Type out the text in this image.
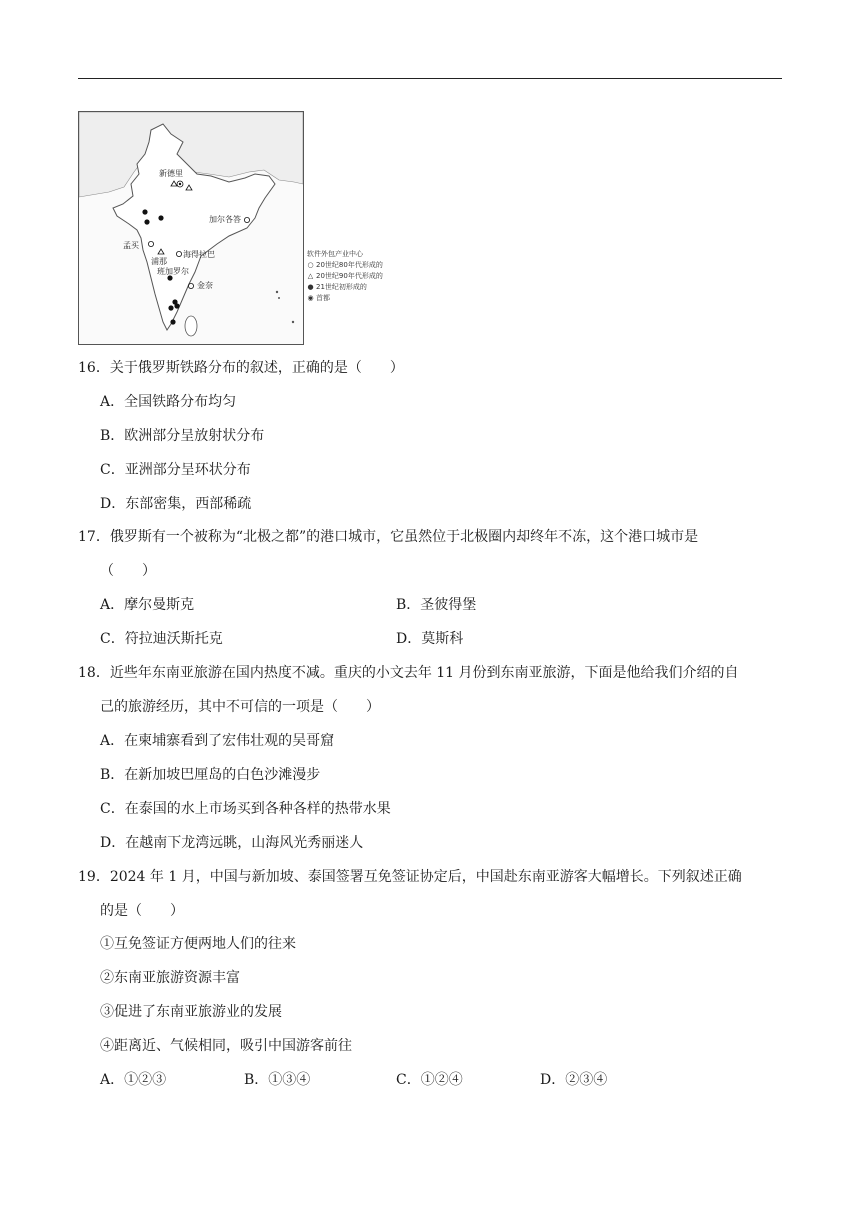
新德里
加尔各答
孟买
浦那
海得拉巴
班加罗尔
金奈
软件外包产业中心
○ 20世纪80年代形成的
△ 20世纪90年代形成的
● 21世纪初形成的
◉ 首都
16．关于俄罗斯铁路分布的叙述，正确的是（　　）
A．全国铁路分布均匀
B．欧洲部分呈放射状分布
C．亚洲部分呈环状分布
D．东部密集，西部稀疏
17．俄罗斯有一个被称为“北极之都”的港口城市，它虽然位于北极圈内却终年不冻，这个港口城市是
（　　）
A．摩尔曼斯克	B．圣彼得堡
C．符拉迪沃斯托克	D．莫斯科
18．近些年东南亚旅游在国内热度不减。重庆的小文去年 11 月份到东南亚旅游，下面是他给我们介绍的自
己的旅游经历，其中不可信的一项是（　　）
A．在柬埔寨看到了宏伟壮观的吴哥窟
B．在新加坡巴厘岛的白色沙滩漫步
C．在泰国的水上市场买到各种各样的热带水果
D．在越南下龙湾远眺，山海风光秀丽迷人
19．2024 年 1 月，中国与新加坡、泰国签署互免签证协定后，中国赴东南亚游客大幅增长。下列叙述正确
的是（　　）
①互免签证方便两地人们的往来
②东南亚旅游资源丰富
③促进了东南亚旅游业的发展
④距离近、气候相同，吸引中国游客前往
A．①②③	B．①③④	C．①②④	D．②③④
